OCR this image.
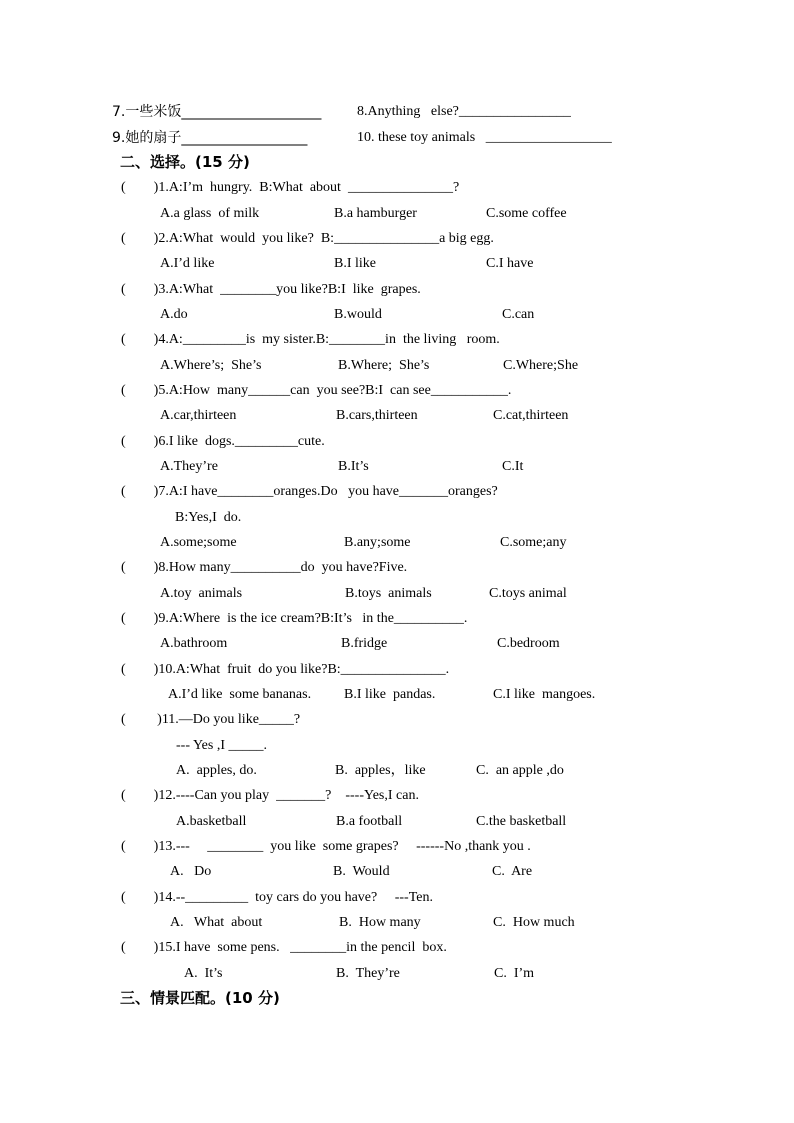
7.一些米饭____________________	8.Anything   else?________________
9.她的扇子__________________	10. these toy animals   __________________
二、选择。(15 分)
(        )1.A:I’m  hungry.  B:What  about  _______________?
A.a glass  of milk	B.a hamburger	C.some coffee
(        )2.A:What  would  you like?  B:_______________a big egg.
A.I’d like	B.I like	C.I have
(        )3.A:What  ________you like?B:I  like  grapes.
A.do	B.would	C.can
(        )4.A:_________is  my sister.B:________in  the living   room.
A.Where’s;  She’s	B.Where;  She’s	C.Where;She
(        )5.A:How  many______can  you see?B:I  can see___________.
A.car,thirteen	B.cars,thirteen	C.cat,thirteen
(        )6.I like  dogs._________cute.
A.They’re	B.It’s	C.It
(        )7.A:I have________oranges.Do   you have_______oranges?
B:Yes,I  do.
A.some;some	B.any;some	C.some;any
(        )8.How many__________do  you have?Five.
A.toy  animals	B.toys  animals	C.toys animal
(        )9.A:Where  is the ice cream?B:It’s   in the__________.
A.bathroom	B.fridge	C.bedroom
(        )10.A:What  fruit  do you like?B:_______________.
A.I’d like  some bananas. B.I like  pandas.	C.I like  mangoes.
(         )11.—Do you like_____?
--- Yes ,I _____.
A.  apples, do.	B.  apples，like	C.  an apple ,do
(        )12.----Can you play  _______?    ----Yes,I can.
A.basketball	B.a football	C.the basketball
(        )13.---     ________  you like  some grapes?     ------No ,thank you .
A.   Do	B.  Would	C.  Are
(        )14.--_________  toy cars do you have?     ---Ten.
A.   What  about	B.  How many	C.  How much
(        )15.I have  some pens.   ________in the pencil  box.
A.  It’s	B.  They’re	C.  I’m
三、情景匹配。(10 分)
